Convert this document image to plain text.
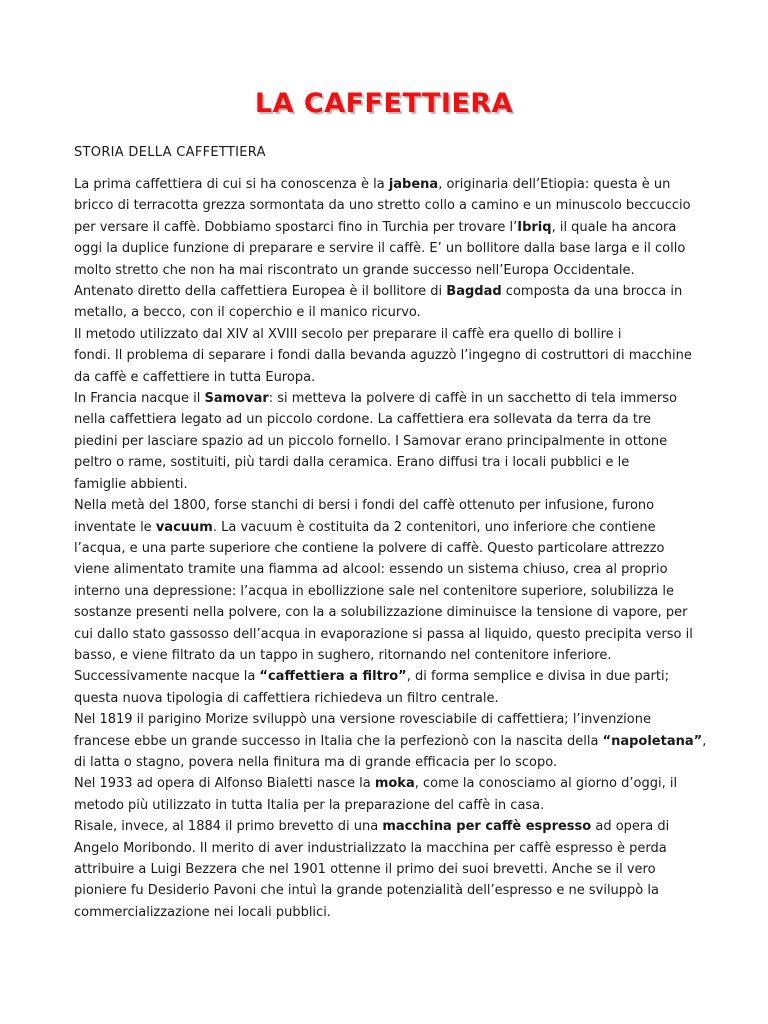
LA CAFFETTIERA
STORIA DELLA CAFFETTIERA
La prima caffettiera di cui si ha conoscenza è la jabena, originaria dell’Etiopia: questa è un
bricco di terracotta grezza sormontata da uno stretto collo a camino e un minuscolo beccuccio
per versare il caffè. Dobbiamo spostarci fino in Turchia per trovare l’Ibriq, il quale ha ancora
oggi la duplice funzione di preparare e servire il caffè. E’ un bollitore dalla base larga e il collo
molto stretto che non ha mai riscontrato un grande successo nell’Europa Occidentale.
Antenato diretto della caffettiera Europea è il bollitore di Bagdad composta da una brocca in
metallo, a becco, con il coperchio e il manico ricurvo.
Il metodo utilizzato dal XIV al XVIII secolo per preparare il caffè era quello di bollire i
fondi. Il problema di separare i fondi dalla bevanda aguzzò l’ingegno di costruttori di macchine
da caffè e caffettiere in tutta Europa.
In Francia nacque il Samovar: si metteva la polvere di caffè in un sacchetto di tela immerso
nella caffettiera legato ad un piccolo cordone. La caffettiera era sollevata da terra da tre
piedini per lasciare spazio ad un piccolo fornello. I Samovar erano principalmente in ottone
peltro o rame, sostituiti, più tardi dalla ceramica. Erano diffusi tra i locali pubblici e le
famiglie abbienti.
Nella metà del 1800, forse stanchi di bersi i fondi del caffè ottenuto per infusione, furono
inventate le vacuum. La vacuum è costituita da 2 contenitori, uno inferiore che contiene
l’acqua, e una parte superiore che contiene la polvere di caffè. Questo particolare attrezzo
viene alimentato tramite una fiamma ad alcool: essendo un sistema chiuso, crea al proprio
interno una depressione: l’acqua in ebollizzione sale nel contenitore superiore, solubilizza le
sostanze presenti nella polvere, con la a solubilizzazione diminuisce la tensione di vapore, per
cui dallo stato gassosso dell’acqua in evaporazione si passa al liquido, questo precipita verso il
basso, e viene filtrato da un tappo in sughero, ritornando nel contenitore inferiore.
Successivamente nacque la “caffettiera a filtro”, di forma semplice e divisa in due parti;
questa nuova tipologia di caffettiera richiedeva un filtro centrale.
Nel 1819 il parigino Morize sviluppò una versione rovesciabile di caffettiera; l’invenzione
francese ebbe un grande successo in Italia che la perfezionò con la nascita della “napoletana”,
di latta o stagno, povera nella finitura ma di grande efficacia per lo scopo.
Nel 1933 ad opera di Alfonso Bialetti nasce la moka, come la conosciamo al giorno d’oggi, il
metodo più utilizzato in tutta Italia per la preparazione del caffè in casa.
Risale, invece, al 1884 il primo brevetto di una macchina per caffè espresso ad opera di
Angelo Moribondo. Il merito di aver industrializzato la macchina per caffè espresso è perda
attribuire a Luigi Bezzera che nel 1901 ottenne il primo dei suoi brevetti. Anche se il vero
pioniere fu Desiderio Pavoni che intuì la grande potenzialità dell’espresso e ne sviluppò la
commercializzazione nei locali pubblici.
